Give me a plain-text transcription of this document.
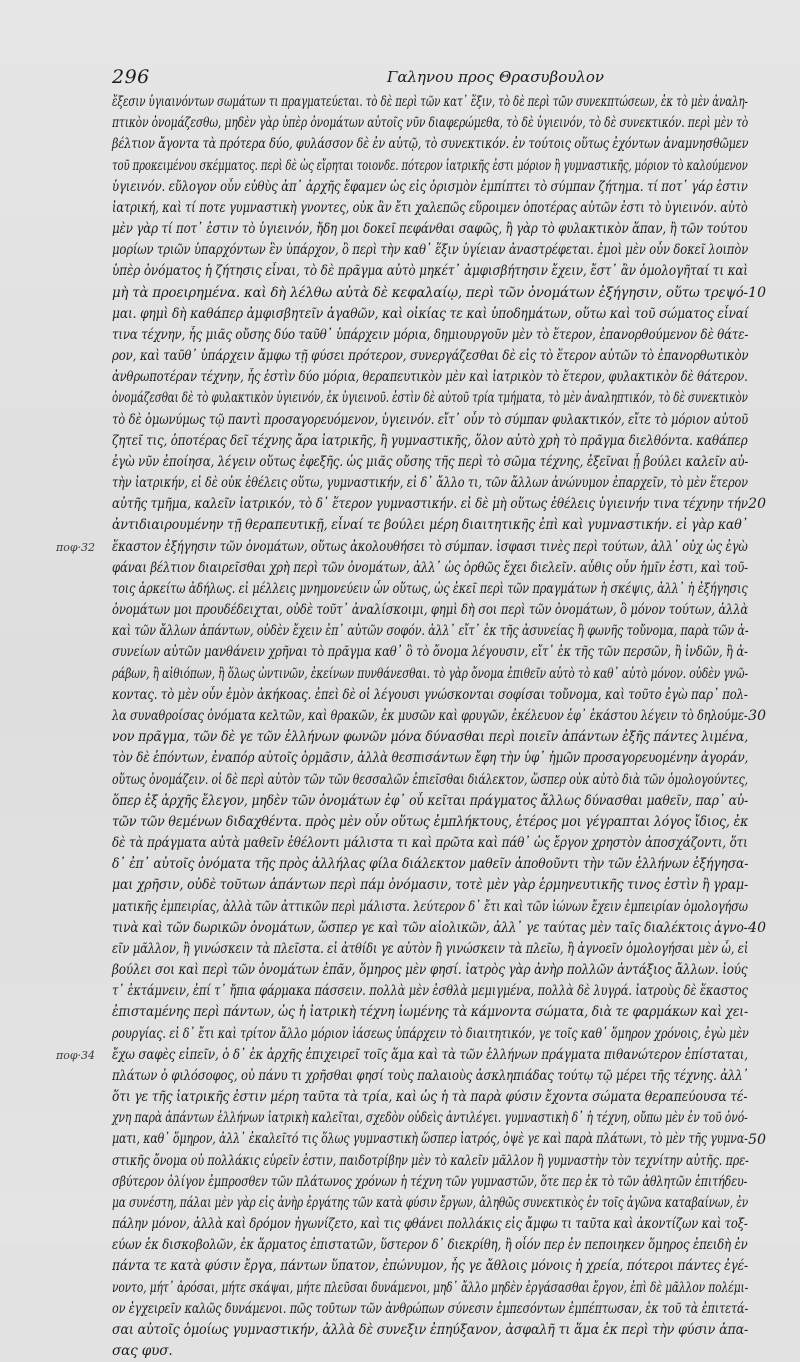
296	Γαληνου προς Θρασυβουλον
ἕξεσιν ὑγιαινόντων σωμάτων τι πραγματεύεται. τὸ δὲ περὶ τῶν κατ᾽ ἕξιν, τὸ δὲ περὶ τῶν συνεκπτώσεων, ἐκ τὸ μὲν ἀναλη-
πτικὸν ὀνομάζεσθω, μηδὲν γὰρ ὑπὲρ ὀνομάτων αὐτοῖς νῦν διαφερώμεθα, τὸ δὲ ὑγιεινόν, τὸ δὲ συνεκτικόν. περὶ μὲν τὸ
βέλτιον ἄγοντα τὰ πρότερα δύο, φυλάσσον δὲ ἐν αὐτῷ, τὸ συνεκτικόν. ἐν τούτοις οὕτως ἐχόντων ἀναμνησθῶμεν
τοῦ προκειμένου σκέμματος. περὶ δὲ ὡς εἴρηται τοιονδε. πότερον ἰατρικῆς ἐστι μόριον ἢ γυμναστικῆς, μόριον τὸ καλούμενον
ὑγιεινόν. εὔλογον οὖν εὐθὺς ἀπ᾽ ἀρχῆς ἔφαμεν ὡς εἰς ὁρισμὸν ἐμπίπτει τὸ σύμπαν ζήτημα. τί ποτ᾽ γάρ ἐστιν
ἰατρική, καὶ τί ποτε γυμναστικὴ γνοντες, οὐκ ἂν ἔτι χαλεπῶς εὕροιμεν ὁποτέρας αὐτῶν ἐστι τὸ ὑγιεινόν. αὐτὸ
μὲν γὰρ τί ποτ᾽ ἐστιν τὸ ὑγιεινόν, ἤδη μοι δοκεῖ πεφάνθαι σαφῶς, ἢ γὰρ τὸ φυλακτικὸν ἅπαν, ἢ τῶν τούτου
μορίων τριῶν ὑπαρχόντων ἓν ὑπάρχον, ὃ περὶ τὴν καθ᾽ ἕξιν ὑγίειαν ἀναστρέφεται. ἐμοὶ μὲν οὖν δοκεῖ λοιπὸν
ὑπὲρ ὀνόματος ἡ ζήτησις εἶναι, τὸ δὲ πρᾶγμα αὐτὸ μηκέτ᾽ ἀμφισβήτησιν ἔχειν, ἔστ᾽ ἂν ὁμολογῆταί τι καὶ
μὴ τὰ προειρημένα. καὶ δὴ λέλθω αὐτὰ δὲ κεφαλαίῳ, περὶ τῶν ὀνομάτων ἐξήγησιν, οὕτω τρεψό-
μαι. φημὶ δὴ καθάπερ ἀμφισβητεῖν ἀγαθῶν, καὶ οἰκίας τε καὶ ὑποδημάτων, οὕτω καὶ τοῦ σώματος εἶναί
τινα τέχνην, ἧς μιᾶς οὔσης δύο ταῦθ᾽ ὑπάρχειν μόρια, δημιουργοῦν μὲν τὸ ἕτερον, ἐπανορθούμενον δὲ θάτε-
ρον, καὶ ταῦθ᾽ ὑπάρχειν ἄμφω τῇ φύσει πρότερον, συνεργάζεσθαι δὲ εἰς τὸ ἕτερον αὐτῶν τὸ ἐπανορθωτικὸν
ἀνθρωποτέραν τέχνην, ἧς ἐστὶν δύο μόρια, θεραπευτικὸν μὲν καὶ ἰατρικὸν τὸ ἕτερον, φυλακτικὸν δὲ θάτερον.
ὀνομάζεσθαι δὲ τὸ φυλακτικὸν ὑγιεινόν, ἐκ ὑγιεινοῦ. ἐστὶν δὲ αὐτοῦ τρία τμήματα, τὸ μὲν ἀναληπτικόν, τὸ δὲ συνεκτικὸν
τὸ δὲ ὁμωνύμως τῷ παντὶ προσαγορευόμενον, ὑγιεινόν. εἴτ᾽ οὖν τὸ σύμπαν φυλακτικόν, εἴτε τὸ μόριον αὐτοῦ
ζητεῖ τις, ὁποτέρας δεῖ τέχνης ἄρα ἰατρικῆς, ἢ γυμναστικῆς, ὅλον αὐτὸ χρὴ τὸ πρᾶγμα διελθόντα. καθάπερ
ἐγὼ νῦν ἐποίησα, λέγειν οὕτως ἐφεξῆς. ὡς μιᾶς οὔσης τῆς περὶ τὸ σῶμα τέχνης, ἐξεῖναι ᾗ βούλει καλεῖν αὐ-
τὴν ἰατρικήν, εἰ δὲ οὐκ ἐθέλεις οὕτω, γυμναστικήν, εἰ δ᾽ ἄλλο τι, τῶν ἄλλων ἀνώνυμον ἐπαρχεῖν, τὸ μὲν ἕτερον
αὐτῆς τμῆμα, καλεῖν ἰατρικόν, τὸ δ᾽ ἕτερον γυμναστικήν. εἰ δὲ μὴ οὕτως ἐθέλεις ὑγιεινήν τινα τέχνην τήν
ἀντιδιαιρουμένην τῇ θεραπευτικῇ, εἶναί τε βούλει μέρη διαιτητικῆς ἐπὶ καὶ γυμναστικήν. εἰ γὰρ καθ᾽
ἕκαστον ἐξήγησιν τῶν ὀνομάτων, οὕτως ἀκολουθήσει τὸ σύμπαν. ἰσφασι τινὲς περὶ τούτων, ἀλλ᾽ οὐχ ὡς ἐγὼ
φάναι βέλτιον διαιρεῖσθαι χρὴ περὶ τῶν ὀνομάτων, ἀλλ᾽ ὡς ὀρθῶς ἔχει διελεῖν. αὖθις οὖν ἡμῖν ἐστι, καὶ τοῦ-
τοις ἀρκείτω ἀδήλως. εἰ μέλλεις μνημονεύειν ὧν οὕτως, ὡς ἐκεῖ περὶ τῶν πραγμάτων ἡ σκέψις, ἀλλ᾽ ἡ ἐξήγησις
ὀνομάτων μοι προυδέδειχται, οὐδὲ τοῦτ᾽ ἀναλίσκοιμι, φημὶ δὴ σοι περὶ τῶν ὀνομάτων, ὃ μόνον τούτων, ἀλλὰ
καὶ τῶν ἄλλων ἁπάντων, οὐδὲν ἔχειν ἐπ᾽ αὐτῶν σοφόν. ἀλλ᾽ εἴτ᾽ ἐκ τῆς ἀσυνείας ἢ φωνῆς τοὔνομα, παρὰ τῶν ἀ-
συνείων αὐτῶν μανθάνειν χρῆναι τὸ πρᾶγμα καθ᾽ ὃ τὸ ὄνομα λέγουσιν, εἴτ᾽ ἐκ τῆς τῶν περσῶν, ἢ ἰνδῶν, ἢ ἀ-
ράβων, ἢ αἰθιόπων, ἢ ὅλως ὠντινῶν, ἐκείνων πυνθάνεσθαι. τὸ γὰρ ὄνομα ἐπιθεῖν αὐτὸ τὸ καθ᾽ αὐτὸ μόνον. οὐδὲν γνῶ-
κοντας. τὸ μὲν οὖν ἐμὸν ἀκήκοας. ἐπεὶ δὲ οἱ λέγουσι γνώσκονται σοφίσαι τοὔνομα, καὶ τοῦτο ἐγὼ παρ᾽ πολ-
λα συναθροίσας ὀνόματα κελτῶν, καὶ θρακῶν, ἐκ μυσῶν καὶ φρυγῶν, ἐκέλευον ἐφ᾽ ἑκάστου λέγειν τὸ δηλούμε-
νον πρᾶγμα, τῶν δὲ γε τῶν ἑλλήνων φωνῶν μόνα δύνασθαι περὶ ποιεῖν ἁπάντων ἐξῆς πάντες λιμένα,
τὸν δὲ ἑπόντων, ἐναπόρ αὐτοῖς ὁρμᾶσιν, ἀλλὰ θεσπισάντων ἔφη τὴν ὑφ᾽ ἡμῶν προσαγορευομένην ἀγοράν,
οὕτως ὀνομάζειν. οἱ δὲ περὶ αὐτὸν τῶν τῶν θεσσαλῶν ἐπιεῖσθαι διάλεκτον, ὥσπερ οὐκ αὐτὸ διὰ τῶν ὁμολογούντες,
ὅπερ ἐξ ἀρχῆς ἔλεγον, μηδὲν τῶν ὀνομάτων ἐφ᾽ οὗ κεῖται πράγματος ἄλλως δύνασθαι μαθεῖν, παρ᾽ αὐ-
τῶν τῶν θεμένων διδαχθέντα. πρὸς μὲν οὖν οὕτως ἐμπλήκτους, ἑτέρος μοι γέγραπται λόγος ἴδιος, ἐκ
δὲ τὰ πράγματα αὐτὰ μαθεῖν ἐθέλοντι μάλιστα τι καὶ πρῶτα καὶ πάθ᾽ ὡς ἔργον χρηστὸν ἀποσχάζοντι, ὅτι
δ᾽ ἐπ᾽ αὐτοῖς ὀνόματα τῆς πρὸς ἀλλήλας φίλα διάλεκτον μαθεῖν ἀποθοῦντι τὴν τῶν ἑλλήνων ἐξήγησα-
μαι χρῆσιν, οὐδὲ τοῦτων ἁπάντων περὶ πάμ ὀνόμασιν, τοτὲ μὲν γὰρ ἑρμηνευτικῆς τινος ἐστὶν ἢ γραμ-
ματικῆς ἐμπειρίας, ἀλλὰ τῶν ἀττικῶν περὶ μάλιστα. λεύτερον δ᾽ ἔτι καὶ τῶν ἰώνων ἔχειν ἐμπειρίαν ὁμολογήσω
τινὰ καὶ τῶν δωρικῶν ὀνομάτων, ὥσπερ γε καὶ τῶν αἰολικῶν, ἀλλ᾽ γε ταύτας μὲν ταῖς διαλέκτοις ἀγνο-
εῖν μᾶλλον, ἢ γινώσκειν τὰ πλεῖστα. εἰ ἀτθίδι γε αὐτὸν ἢ γινώσκειν τὰ πλεῖω, ἢ ἀγνοεῖν ὁμολογήσαι μὲν ὦ, εἰ
βούλει σοι καὶ περὶ τῶν ὀνομάτων ἐπᾶν, ὅμηρος μὲν φησί. ἰατρὸς γὰρ ἀνὴρ πολλῶν ἀντάξιος ἄλλων. ἰούς
τ᾽ ἐκτάμνειν, ἐπί τ᾽ ἤπια φάρμακα πάσσειν. πολλὰ μὲν ἐσθλὰ μεμιγμένα, πολλὰ δὲ λυγρά. ἰατροὺς δὲ ἕκαστος
ἐπισταμένης περὶ πάντων, ὡς ἡ ἰατρικὴ τέχνη ἰωμένης τὰ κάμνοντα σώματα, διὰ τε φαρμάκων καὶ χει-
ρουργίας. εἰ δ᾽ ἔτι καὶ τρίτον ἄλλο μόριον ἰάσεως ὑπάρχειν τὸ διαιτητικόν, γε τοῖς καθ᾽ ὅμηρον χρόνοις, ἐγὼ μὲν
ἔχω σαφὲς εἰπεῖν, ὁ δ᾽ ἐκ ἀρχῆς ἐπιχειρεῖ τοῖς ἅμα καὶ τὰ τῶν ἑλλήνων πράγματα πιθανώτερον ἐπίσταται,
πλάτων ὁ φιλόσοφος, οὐ πάνυ τι χρῆσθαι φησί τοὺς παλαιοὺς ἀσκληπιάδας τούτῳ τῷ μέρει τῆς τέχνης. ἀλλ᾽
ὅτι γε τῆς ἰατρικῆς ἐστιν μέρη ταῦτα τὰ τρία, καὶ ὡς ἡ τὰ παρὰ φύσιν ἔχοντα σώματα θεραπεύουσα τέ-
χνη παρὰ ἁπάντων ἑλλήνων ἰατρικὴ καλεῖται, σχεδὸν οὐδεὶς ἀντιλέγει. γυμναστικὴ δ᾽ ἡ τέχνη, οὔπω μὲν ἐν τοῦ ὀνό-
ματι, καθ᾽ ὅμηρον, ἀλλ᾽ ἐκαλεῖτό τις ὅλως γυμναστικὴ ὥσπερ ἰατρός, ὀψὲ γε καὶ παρὰ πλάτωνι, τὸ μὲν τῆς γυμνα-
στικῆς ὄνομα οὐ πολλάκις εὑρεῖν ἐστιν, παιδοτρίβην μὲν τὸ καλεῖν μᾶλλον ἢ γυμναστὴν τὸν τεχνίτην αὐτῆς. πρε-
σβύτερον ὀλίγον ἐμπροσθεν τῶν πλάτωνος χρόνων ἡ τέχνη τῶν γυμναστῶν, ὅτε περ ἐκ τὸ τῶν ἀθλητῶν ἐπιτήδευ-
μα συνέστη, πάλαι μὲν γὰρ εἰς ἀνὴρ ἐργάτης τῶν κατὰ φύσιν ἔργων, ἀληθῶς συνεκτικὸς ἐν τοῖς ἀγῶνα καταβαίνων, ἐν
πάλην μόνον, ἀλλὰ καὶ δρόμον ἠγωνίζετο, καὶ τις φθάνει πολλάκις εἰς ἄμφω τι ταῦτα καὶ ἀκοντίζων καὶ τοξ-
εύων ἐκ δισκοβολῶν, ἐκ ἅρματος ἐπιστατῶν, ὕστερον δ᾽ διεκρίθη, ἢ οἷόν περ ἐν πεποιηκεν ὅμηρος ἐπειδὴ ἐν
πάντα τε κατὰ φύσιν ἔργα, πάντων ὕπατον, ἐπώνυμον, ἧς γε ἄθλοις μόνοις ἡ χρεία, πότεροι πάντες ἐγέ-
νοντο, μήτ᾽ ἀρόσαι, μήτε σκάψαι, μήτε πλεῦσαι δυνάμενοι, μηδ᾽ ἄλλο μηδὲν ἐργάσασθαι ἔργον, ἐπὶ δὲ μᾶλλον πολέμι-
ον ἐγχειρεῖν καλῶς δυνάμενοι. πῶς τοῦτων τῶν ἀνθρώπων σύνεσιν ἐμπεσόντων ἐμπέπτωσαν, ἐκ τοῦ τὰ ἐπιτετά-
σαι αὐτοῖς ὁμοίως γυμναστικήν, ἀλλὰ δὲ συνεξιν ἐπηύξανον, ἀσφαλῆ τι ἅμα ἐκ περὶ τὴν φύσιν ἀπα-
σας φυσ.
10
20
30
40
50
ποφ·32
ποφ·34
